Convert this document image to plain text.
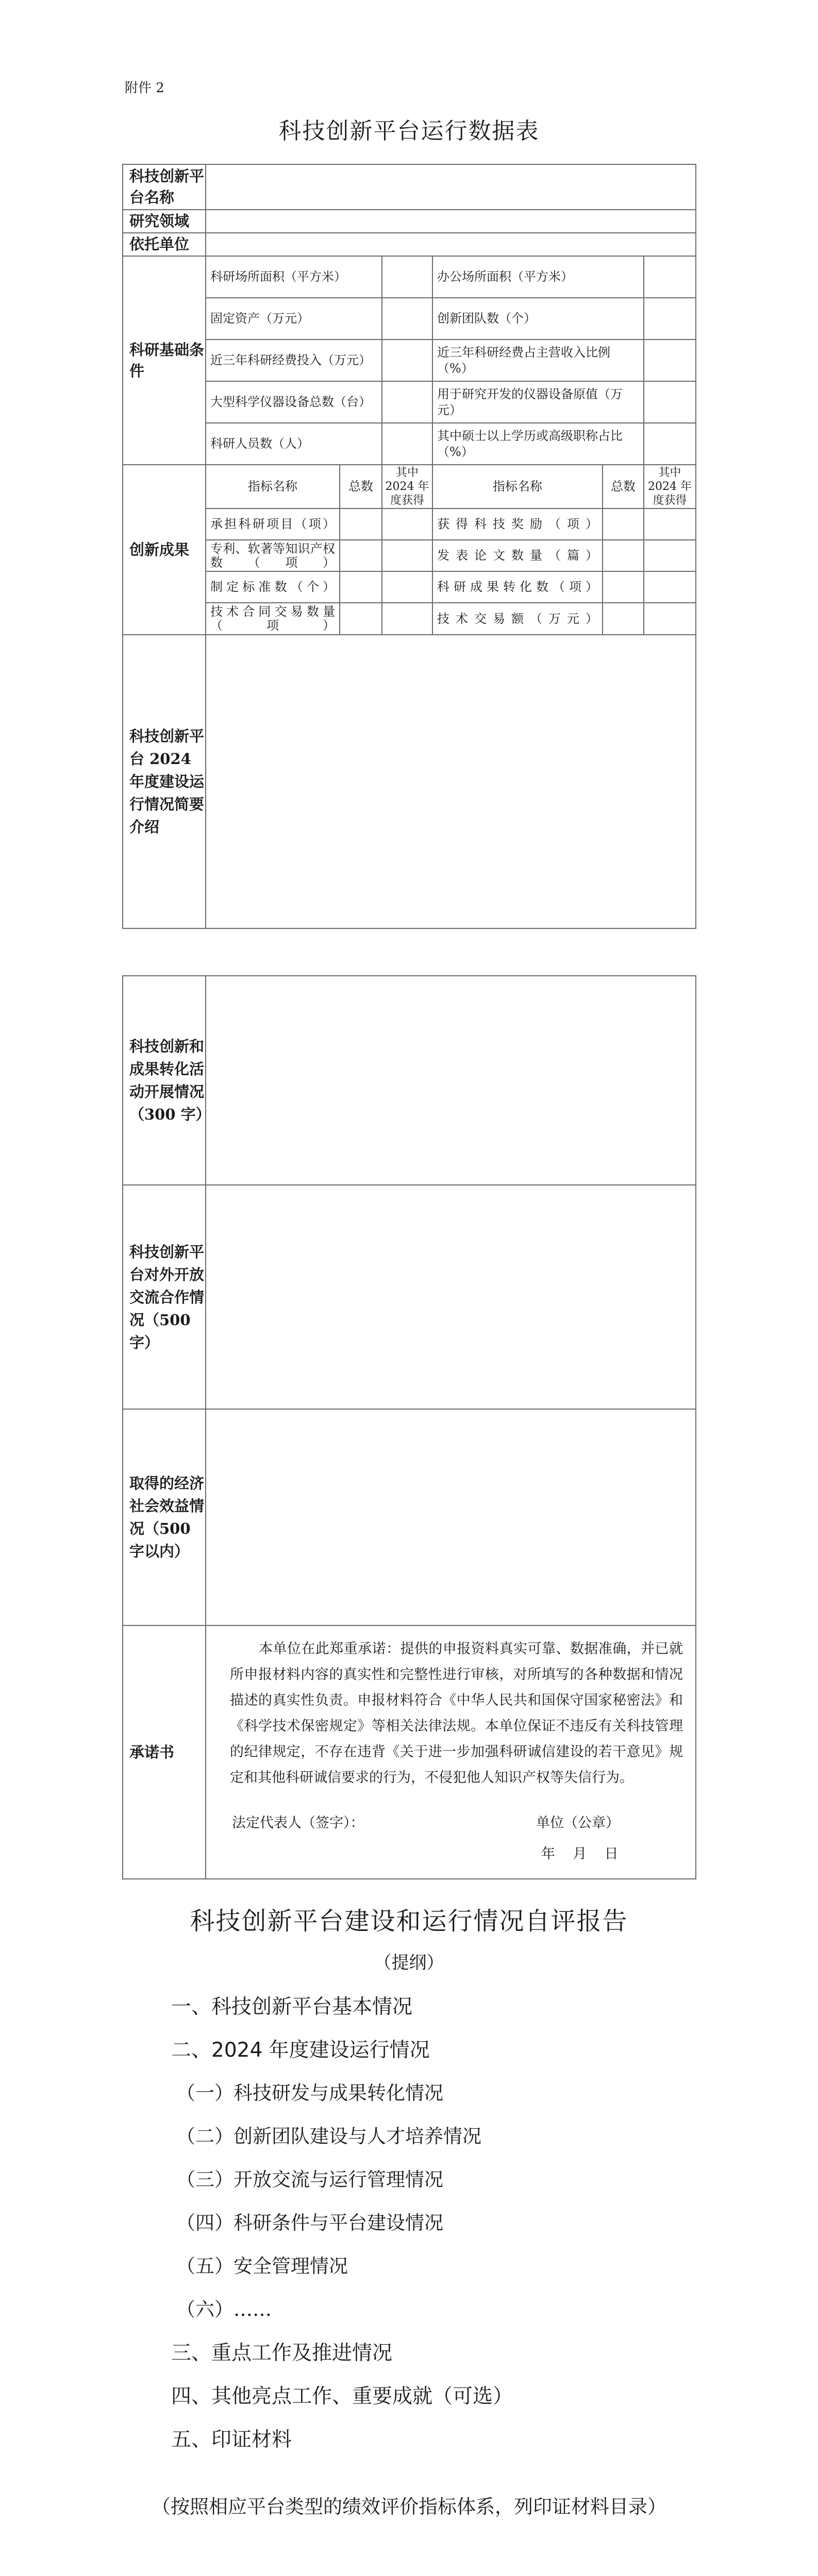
附件 2
科技创新平台运行数据表
科技创新平台名称						
研究领域						
依托单位						
科研基础条件	科研场所面积（平方米）			办公场所面积（平方米）		
	固定资产（万元）			创新团队数（个）		
	近三年科研经费投入（万元）			近三年科研经费占主营收入比例（%）		
	大型科学仪器设备总数（台）			用于研究开发的仪器设备原值（万元）		
	科研人员数（人）			其中硕士以上学历或高级职称占比（%）		
创新成果	指标名称	总数	其中 2024 年度获得	指标名称	总数	其中 2024 年度获得
	承担科研项目（项）			获得科技奖励（项）		
	专利、软著等知识产权数（项）			发表论文数量（篇）		
	制定标准数（个）			科研成果转化数（项）		
	技术合同交易数量（项）			技术交易额（万元）		
科技创新平台 2024 年度建设运行情况简要介绍						
科技创新和成果转化活动开展情况（300 字）	
科技创新平台对外开放交流合作情况（500 字）	
取得的经济社会效益情况（500 字以内）	
承诺书	本单位在此郑重承诺：提供的申报资料真实可靠、数据准确，并已就所申报材料内容的真实性和完整性进行审核，对所填写的各种数据和情况描述的真实性负责。申报材料符合《中华人民共和国保守国家秘密法》和《科学技术保密规定》等相关法律法规。本单位保证不违反有关科技管理的纪律规定，不存在违背《关于进一步加强科研诚信建设的若干意见》规定和其他科研诚信要求的行为，不侵犯他人知识产权等失信行为。
法定代表人（签字）： 单位（公章）
年    月    日
科技创新平台建设和运行情况自评报告
（提纲）
一、科技创新平台基本情况
二、2024 年度建设运行情况
（一）科技研发与成果转化情况
（二）创新团队建设与人才培养情况
（三）开放交流与运行管理情况
（四）科研条件与平台建设情况
（五）安全管理情况
（六）……
三、重点工作及推进情况
四、其他亮点工作、重要成就（可选）
五、印证材料
（按照相应平台类型的绩效评价指标体系，列印证材料目录）
